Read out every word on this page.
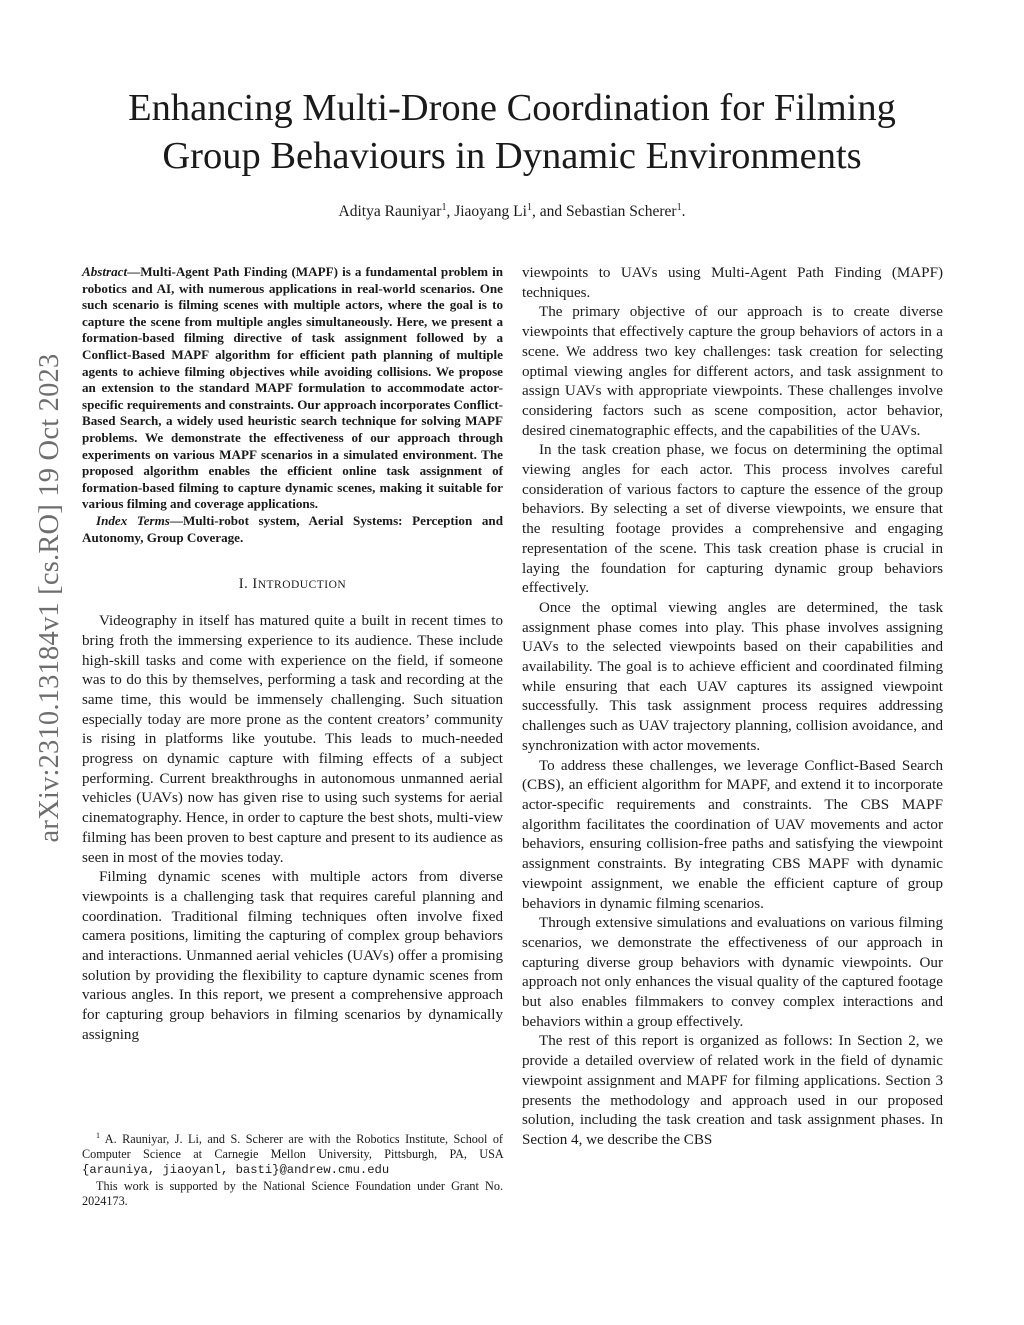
Enhancing Multi-Drone Coordination for Filming
Group Behaviours in Dynamic Environments
Aditya Rauniyar$^1$, Jiaoyang Li$^1$, and Sebastian Scherer$^1$.
arXiv:2310.13184v1 [cs.RO] 19 Oct 2023

Abstract—Multi-Agent Path Finding (MAPF) is a fundamental problem in robotics and AI, with numerous applications in real-world scenarios. One such scenario is filming scenes with multiple actors, where the goal is to capture the scene from multiple angles simultaneously. Here, we present a formation-based filming directive of task assignment followed by a Conflict-Based MAPF algorithm for efficient path planning of multiple agents to achieve filming objectives while avoiding collisions. We propose an extension to the standard MAPF formulation to accommodate actor-specific requirements and constraints. Our approach incorporates Conflict-Based Search, a widely used heuristic search technique for solving MAPF problems. We demonstrate the effectiveness of our approach through experiments on various MAPF scenarios in a simulated environment. The proposed algorithm enables the efficient online task assignment of formation-based filming to capture dynamic scenes, making it suitable for various filming and coverage applications.

Index Terms—Multi-robot system, Aerial Systems: Perception and Autonomy, Group Coverage.

I. INTRODUCTION

Videography in itself has matured quite a built in recent times to bring froth the immersing experience to its audience. These include high-skill tasks and come with experience on the field, if someone was to do this by themselves, performing a task and recording at the same time, this would be immensely challenging. Such situation especially today are more prone as the content creators’ community is rising in platforms like youtube. This leads to much-needed progress on dynamic capture with filming effects of a subject performing. Current breakthroughs in autonomous unmanned aerial vehicles (UAVs) now has given rise to using such systems for aerial cinematography. Hence, in order to capture the best shots, multi-view filming has been proven to best capture and present to its audience as seen in most of the movies today.

Filming dynamic scenes with multiple actors from diverse viewpoints is a challenging task that requires careful planning and coordination. Traditional filming techniques often involve fixed camera positions, limiting the capturing of complex group behaviors and interactions. Unmanned aerial vehicles (UAVs) offer a promising solution by providing the flexibility to capture dynamic scenes from various angles. In this report, we present a comprehensive approach for capturing group behaviors in filming scenarios by dynamically assigning

viewpoints to UAVs using Multi-Agent Path Finding (MAPF) techniques.

The primary objective of our approach is to create diverse viewpoints that effectively capture the group behaviors of actors in a scene. We address two key challenges: task creation for selecting optimal viewing angles for different actors, and task assignment to assign UAVs with appropriate viewpoints. These challenges involve considering factors such as scene composition, actor behavior, desired cinematographic effects, and the capabilities of the UAVs.

In the task creation phase, we focus on determining the optimal viewing angles for each actor. This process involves careful consideration of various factors to capture the essence of the group behaviors. By selecting a set of diverse viewpoints, we ensure that the resulting footage provides a comprehensive and engaging representation of the scene. This task creation phase is crucial in laying the foundation for capturing dynamic group behaviors effectively.

Once the optimal viewing angles are determined, the task assignment phase comes into play. This phase involves assigning UAVs to the selected viewpoints based on their capabilities and availability. The goal is to achieve efficient and coordinated filming while ensuring that each UAV captures its assigned viewpoint successfully. This task assignment process requires addressing challenges such as UAV trajectory planning, collision avoidance, and synchronization with actor movements.

To address these challenges, we leverage Conflict-Based Search (CBS), an efficient algorithm for MAPF, and extend it to incorporate actor-specific requirements and constraints. The CBS MAPF algorithm facilitates the coordination of UAV movements and actor behaviors, ensuring collision-free paths and satisfying the viewpoint assignment constraints. By integrating CBS MAPF with dynamic viewpoint assignment, we enable the efficient capture of group behaviors in dynamic filming scenarios.

Through extensive simulations and evaluations on various filming scenarios, we demonstrate the effectiveness of our approach in capturing diverse group behaviors with dynamic viewpoints. Our approach not only enhances the visual quality of the captured footage but also enables filmmakers to convey complex interactions and behaviors within a group effectively.

The rest of this report is organized as follows: In Section 2, we provide a detailed overview of related work in the field of dynamic viewpoint assignment and MAPF for filming applications. Section 3 presents the methodology and approach used in our proposed solution, including the task creation and task assignment phases. In Section 4, we describe the CBS

$^1$ A. Rauniyar, J. Li, and S. Scherer are with the Robotics Institute, School of Computer Science at Carnegie Mellon University, Pittsburgh, PA, USA {arauniya, jiaoyanl, basti}@andrew.cmu.edu

This work is supported by the National Science Foundation under Grant No. 2024173.
